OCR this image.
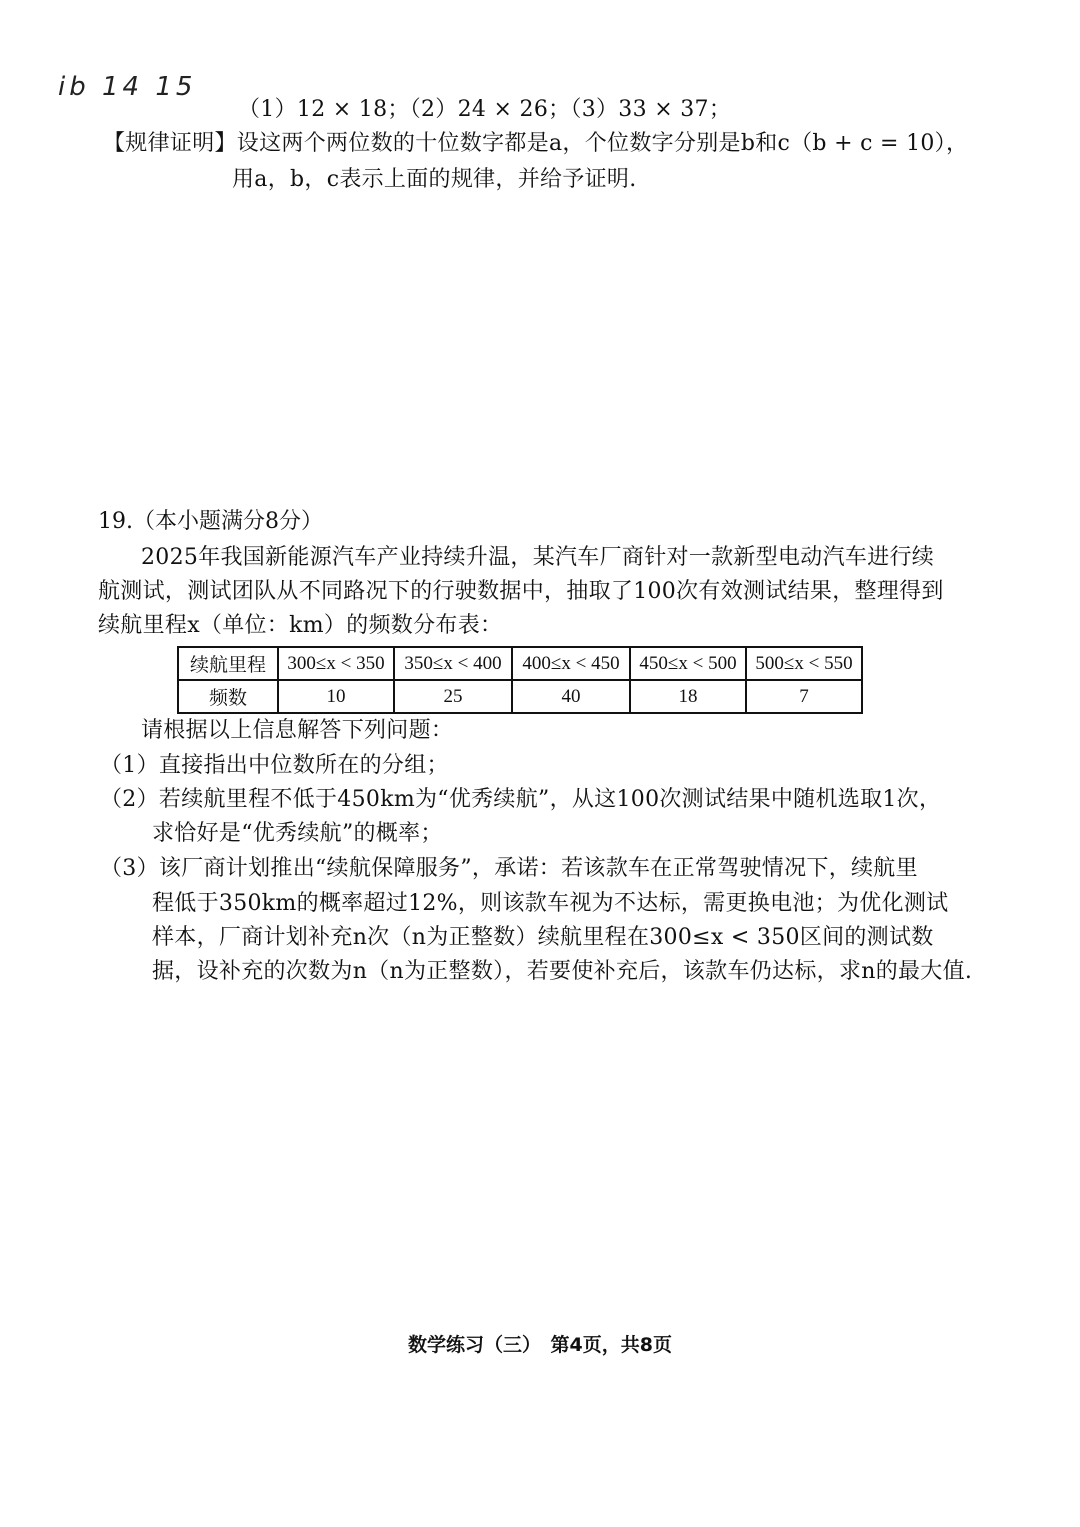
ib 14 15
（1）12 × 18；（2）24 × 26；（3）33 × 37；
【规律证明】设这两个两位数的十位数字都是a，个位数字分别是b和c（b + c = 10），
用a，b，c表示上面的规律，并给予证明.
19.（本小题满分8分）
2025年我国新能源汽车产业持续升温，某汽车厂商针对一款新型电动汽车进行续
航测试，测试团队从不同路况下的行驶数据中，抽取了100次有效测试结果，整理得到
续航里程x（单位：km）的频数分布表：
续航里程	300≤x < 350	350≤x < 400	400≤x < 450	450≤x < 500	500≤x < 550
频数	10	25	40	18	7
请根据以上信息解答下列问题：
（1）直接指出中位数所在的分组；
（2）若续航里程不低于450km为“优秀续航”，从这100次测试结果中随机选取1次，
求恰好是“优秀续航”的概率；
（3）该厂商计划推出“续航保障服务”，承诺：若该款车在正常驾驶情况下，续航里
程低于350km的概率超过12%，则该款车视为不达标，需更换电池；为优化测试
样本，厂商计划补充n次（n为正整数）续航里程在300≤x < 350区间的测试数
据，设补充的次数为n（n为正整数），若要使补充后，该款车仍达标，求n的最大值.
数学练习（三）　第4页，共8页
